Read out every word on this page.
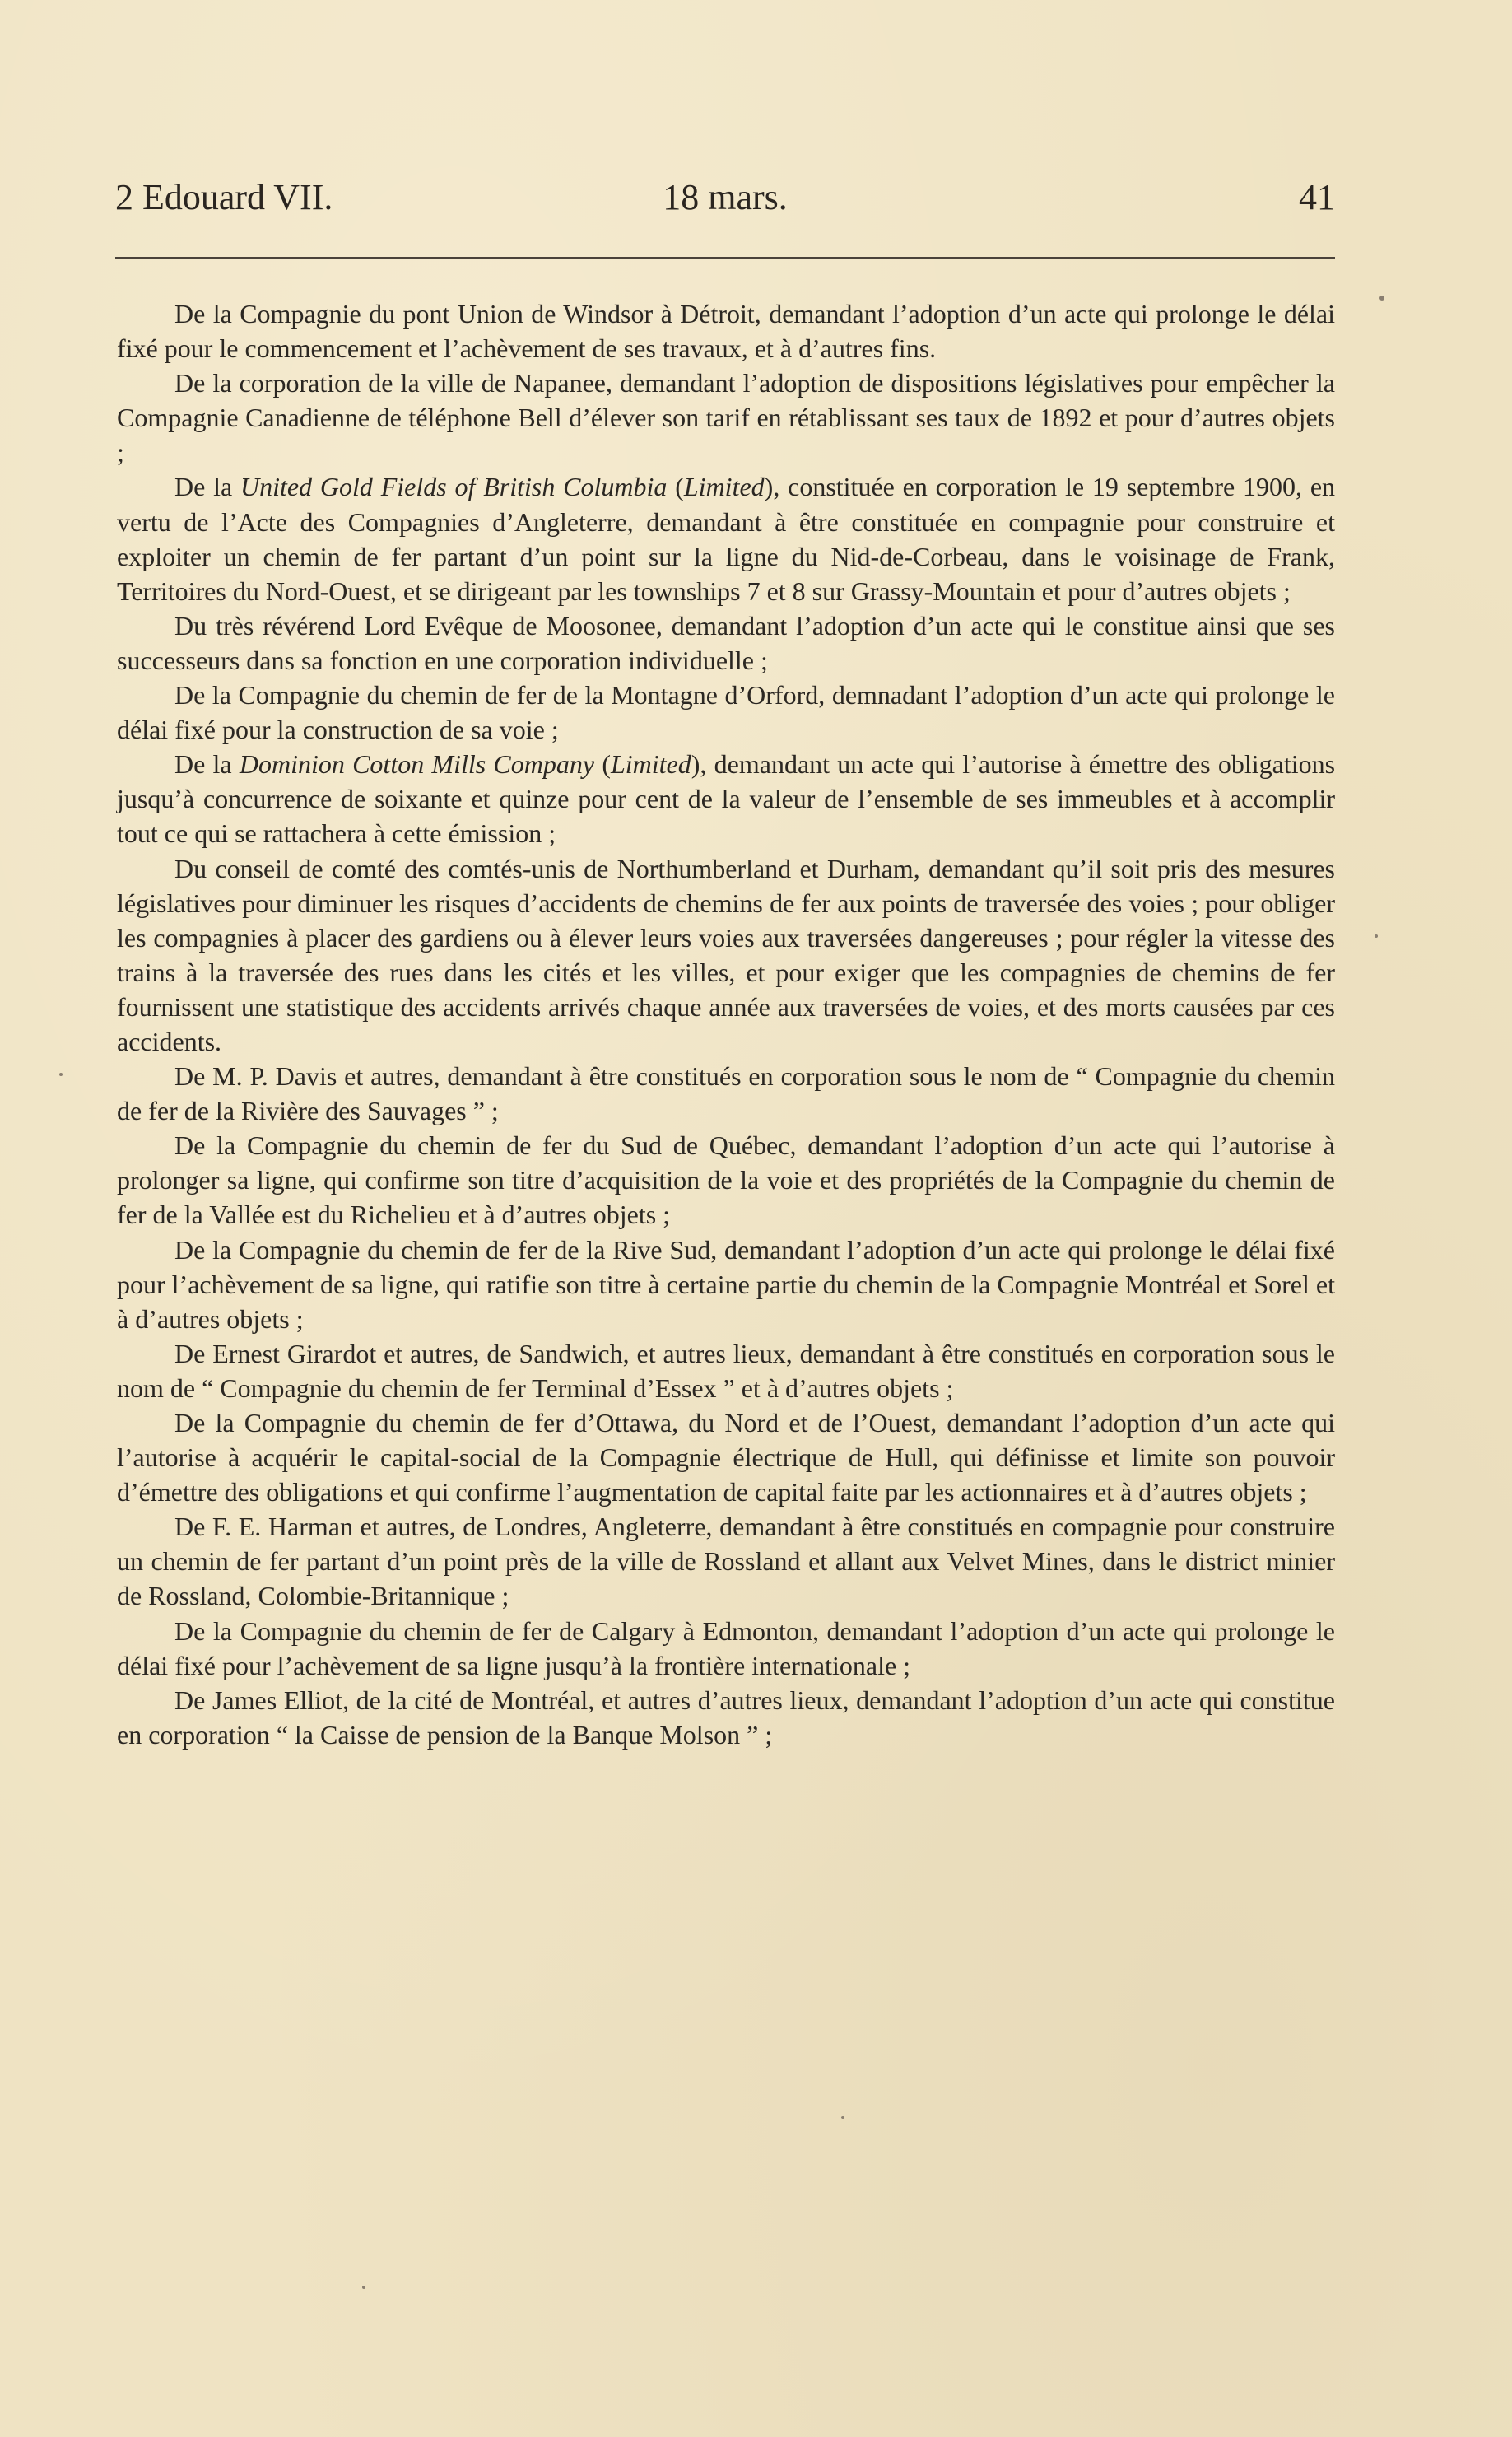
2 Edouard VII.	18 mars.	41

De la Compagnie du pont Union de Windsor à Détroit, demandant l’adoption d’un acte qui prolonge le délai fixé pour le commencement et l’achèvement de ses travaux, et à d’autres fins.

De la corporation de la ville de Napanee, demandant l’adoption de dispositions législatives pour empêcher la Compagnie Canadienne de téléphone Bell d’élever son tarif en rétablissant ses taux de 1892 et pour d’autres objets ;

De la United Gold Fields of British Columbia (Limited), constituée en corporation le 19 septembre 1900, en vertu de l’Acte des Compagnies d’Angleterre, demandant à être constituée en compagnie pour construire et exploiter un chemin de fer partant d’un point sur la ligne du Nid-de-Corbeau, dans le voisinage de Frank, Territoires du Nord-Ouest, et se dirigeant par les townships 7 et 8 sur Grassy-Mountain et pour d’autres objets ;

Du très révérend Lord Evêque de Moosonee, demandant l’adoption d’un acte qui le constitue ainsi que ses successeurs dans sa fonction en une corporation individuelle ;

De la Compagnie du chemin de fer de la Montagne d’Orford, demnadant l’adoption d’un acte qui prolonge le délai fixé pour la construction de sa voie ;

De la Dominion Cotton Mills Company (Limited), demandant un acte qui l’autorise à émettre des obligations jusqu’à concurrence de soixante et quinze pour cent de la valeur de l’ensemble de ses immeubles et à accomplir tout ce qui se rattachera à cette émission ;

Du conseil de comté des comtés-unis de Northumberland et Durham, demandant qu’il soit pris des mesures législatives pour diminuer les risques d’accidents de chemins de fer aux points de traversée des voies ; pour obliger les compagnies à placer des gardiens ou à élever leurs voies aux traversées dangereuses ; pour régler la vitesse des trains à la traversée des rues dans les cités et les villes, et pour exiger que les compagnies de chemins de fer fournissent une statistique des accidents arrivés chaque année aux traversées de voies, et des morts causées par ces accidents.

De M. P. Davis et autres, demandant à être constitués en corporation sous le nom de “ Compagnie du chemin de fer de la Rivière des Sauvages ” ;

De la Compagnie du chemin de fer du Sud de Québec, demandant l’adoption d’un acte qui l’autorise à prolonger sa ligne, qui confirme son titre d’acquisition de la voie et des propriétés de la Compagnie du chemin de fer de la Vallée est du Richelieu et à d’autres objets ;

De la Compagnie du chemin de fer de la Rive Sud, demandant l’adoption d’un acte qui prolonge le délai fixé pour l’achèvement de sa ligne, qui ratifie son titre à certaine partie du chemin de la Compagnie Montréal et Sorel et à d’autres objets ;

De Ernest Girardot et autres, de Sandwich, et autres lieux, demandant à être constitués en corporation sous le nom de “ Compagnie du chemin de fer Terminal d’Essex ” et à d’autres objets ;

De la Compagnie du chemin de fer d’Ottawa, du Nord et de l’Ouest, demandant l’adoption d’un acte qui l’autorise à acquérir le capital-social de la Compagnie électrique de Hull, qui définisse et limite son pouvoir d’émettre des obligations et qui confirme l’augmentation de capital faite par les actionnaires et à d’autres objets ;

De F. E. Harman et autres, de Londres, Angleterre, demandant à être constitués en compagnie pour construire un chemin de fer partant d’un point près de la ville de Rossland et allant aux Velvet Mines, dans le district minier de Rossland, Colombie-Britannique ;

De la Compagnie du chemin de fer de Calgary à Edmonton, demandant l’adoption d’un acte qui prolonge le délai fixé pour l’achèvement de sa ligne jusqu’à la frontière internationale ;

De James Elliot, de la cité de Montréal, et autres d’autres lieux, demandant l’adoption d’un acte qui constitue en corporation “ la Caisse de pension de la Banque Molson ” ;
